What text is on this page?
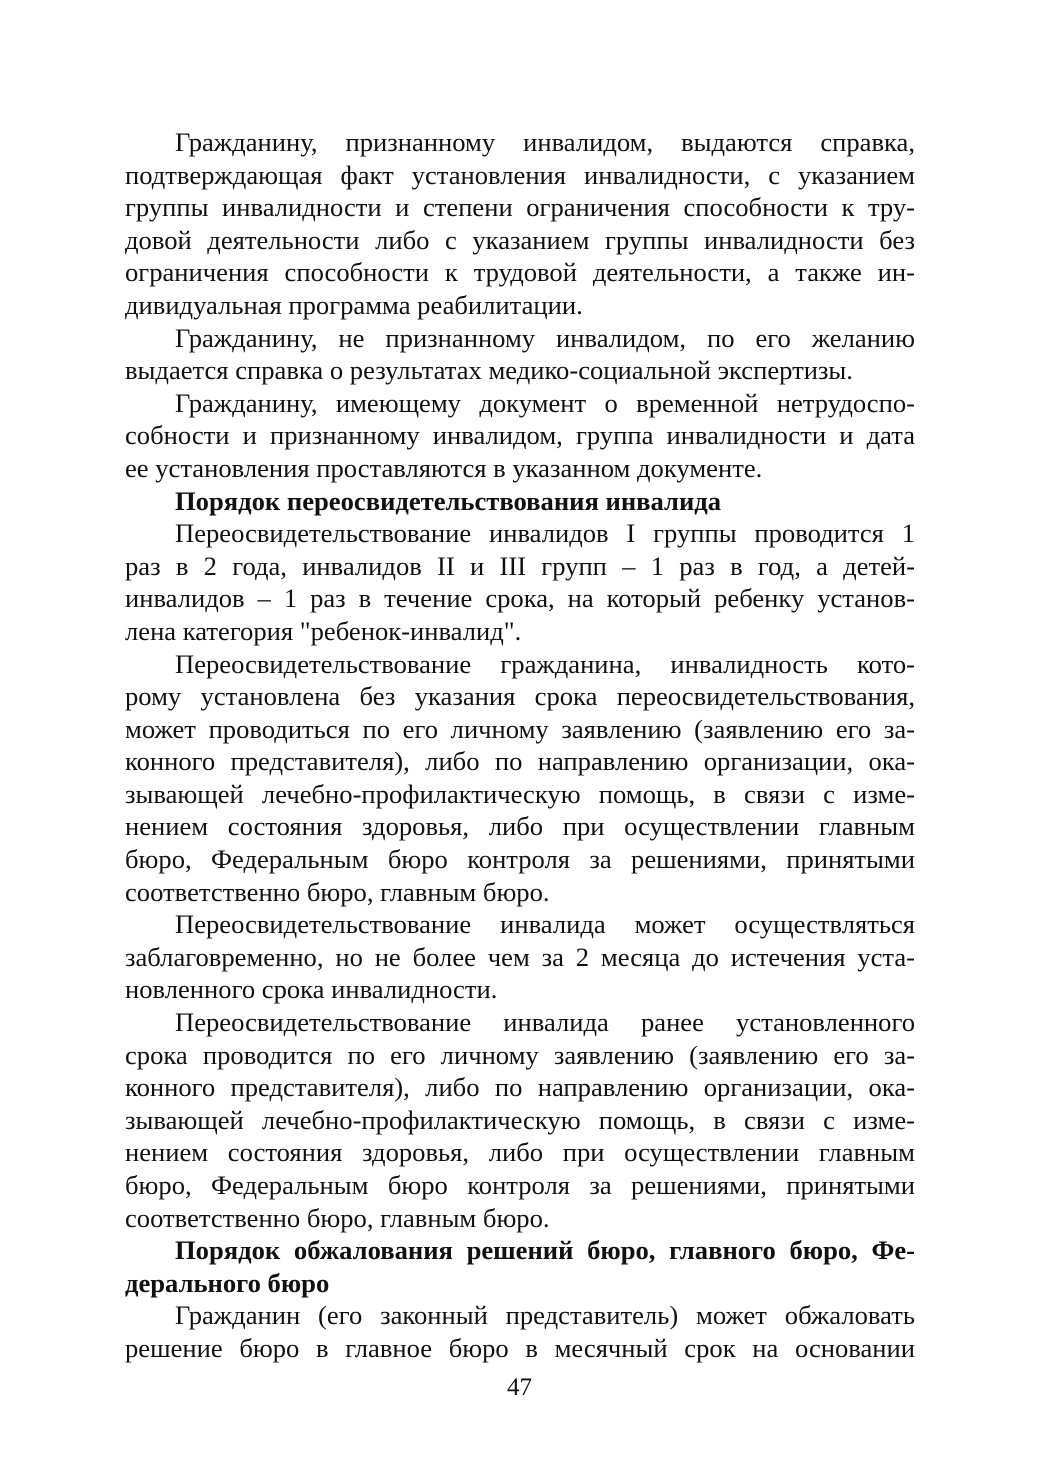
Гражданину, признанному инвалидом, выдаются справка,
подтверждающая факт установления инвалидности, с указанием
группы инвалидности и степени ограничения способности к тру-
довой деятельности либо с указанием группы инвалидности без
ограничения способности к трудовой деятельности, а также ин-
дивидуальная программа реабилитации.
Гражданину, не признанному инвалидом, по его желанию
выдается справка о результатах медико-социальной экспертизы.
Гражданину, имеющему документ о временной нетрудоспо-
собности и признанному инвалидом, группа инвалидности и дата
ее установления проставляются в указанном документе.
Порядок переосвидетельствования инвалида
Переосвидетельствование инвалидов I группы проводится 1
раз в 2 года, инвалидов II и III групп – 1 раз в год, а детей-
инвалидов – 1 раз в течение срока, на который ребенку установ-
лена категория "ребенок-инвалид".
Переосвидетельствование гражданина, инвалидность кото-
рому установлена без указания срока переосвидетельствования,
может проводиться по его личному заявлению (заявлению его за-
конного представителя), либо по направлению организации, ока-
зывающей лечебно-профилактическую помощь, в связи с изме-
нением состояния здоровья, либо при осуществлении главным
бюро, Федеральным бюро контроля за решениями, принятыми
соответственно бюро, главным бюро.
Переосвидетельствование инвалида может осуществляться
заблаговременно, но не более чем за 2 месяца до истечения уста-
новленного срока инвалидности.
Переосвидетельствование инвалида ранее установленного
срока проводится по его личному заявлению (заявлению его за-
конного представителя), либо по направлению организации, ока-
зывающей лечебно-профилактическую помощь, в связи с изме-
нением состояния здоровья, либо при осуществлении главным
бюро, Федеральным бюро контроля за решениями, принятыми
соответственно бюро, главным бюро.
Порядок обжалования решений бюро, главного бюро, Фе-
дерального бюро
Гражданин (его законный представитель) может обжаловать
решение бюро в главное бюро в месячный срок на основании
47
